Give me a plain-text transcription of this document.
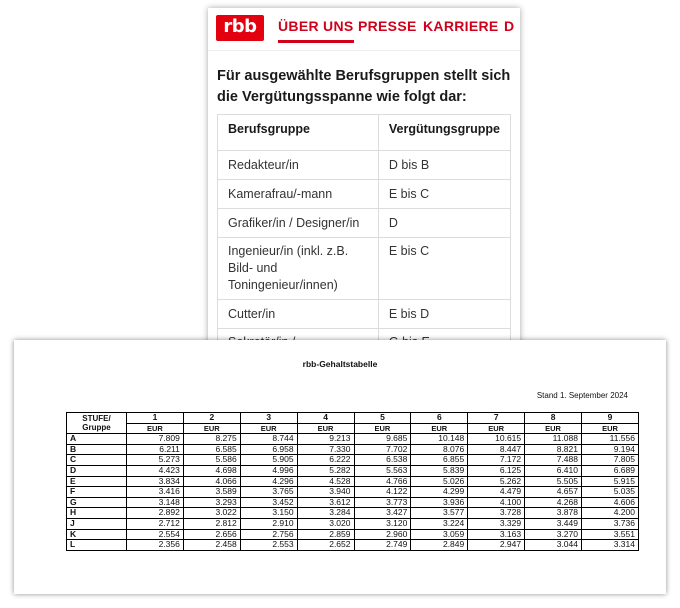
rbb	ÜBER UNS PRESSE KARRIERE D
Für ausgewählte Berufsgruppen stellt sich die Vergütungsspanne wie folgt dar:
Berufsgruppe	Vergütungsgruppe
Redakteur/in	D bis B
Kamerafrau/-mann	E bis C
Grafiker/in / Designer/in	D
Ingenieur/in (inkl. z.B. Bild- und Toningenieur/innen)	E bis C
Cutter/in	E bis D

rbb-Gehaltstabelle
Stand 1. September 2024
STUFE/
Gruppe	1	2	3	4	5	6	7	8	9
	EUR	EUR	EUR	EUR	EUR	EUR	EUR	EUR	EUR
A	7.809	8.275	8.744	9.213	9.685	10.148	10.615	11.088	11.556
B	6.211	6.585	6.958	7.330	7.702	8.076	8.447	8.821	9.194
C	5.273	5.586	5.905	6.222	6.538	6.855	7.172	7.488	7.805
D	4.423	4.698	4.996	5.282	5.563	5.839	6.125	6.410	6.689
E	3.834	4.066	4.296	4.528	4.766	5.026	5.262	5.505	5.915
F	3.416	3.589	3.765	3.940	4.122	4.299	4.479	4.657	5.035
G	3.148	3.293	3.452	3.612	3.773	3.936	4.100	4.268	4.606
H	2.892	3.022	3.150	3.284	3.427	3.577	3.728	3.878	4.200
J	2.712	2.812	2.910	3.020	3.120	3.224	3.329	3.449	3.736
K	2.554	2.656	2.756	2.859	2.960	3.059	3.163	3.270	3.551
L	2.356	2.458	2.553	2.652	2.749	2.849	2.947	3.044	3.314
